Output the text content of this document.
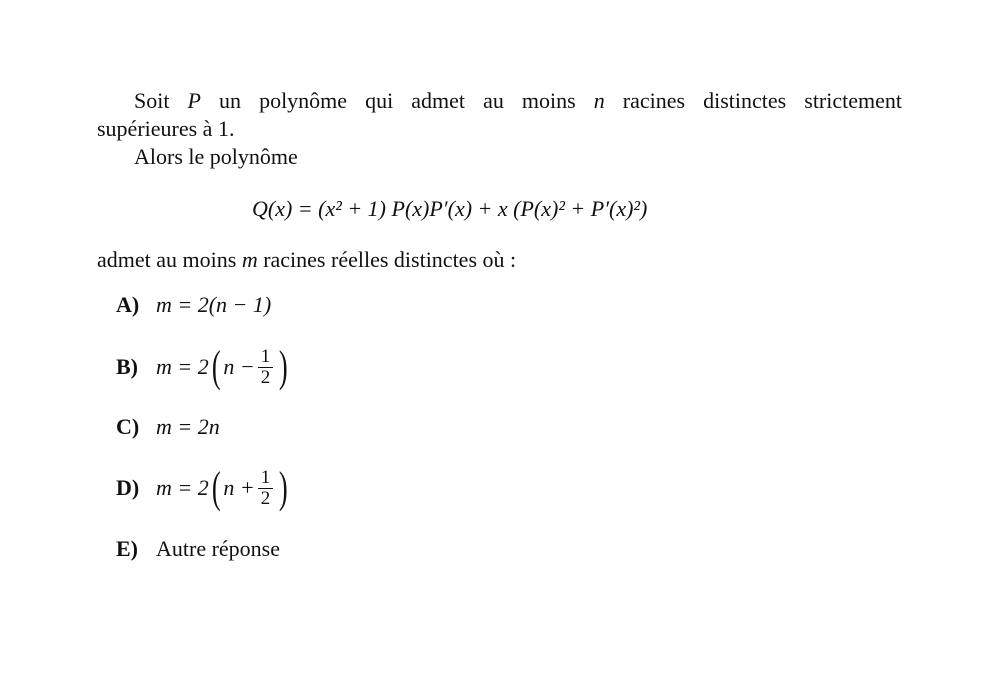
Soit P un polynôme qui admet au moins n racines distinctes strictement
supérieures à 1.
Alors le polynôme
Q(x) = (x² + 1) P(x)P′(x) + x (P(x)² + P′(x)²)
admet au moins m racines réelles distinctes où :
A) m = 2(n − 1)
B) m = 2 ( $n - \frac{1}{2}$ )
C) m = 2n
D) m = 2 ( $n + \frac{1}{2}$ )
E) Autre réponse
